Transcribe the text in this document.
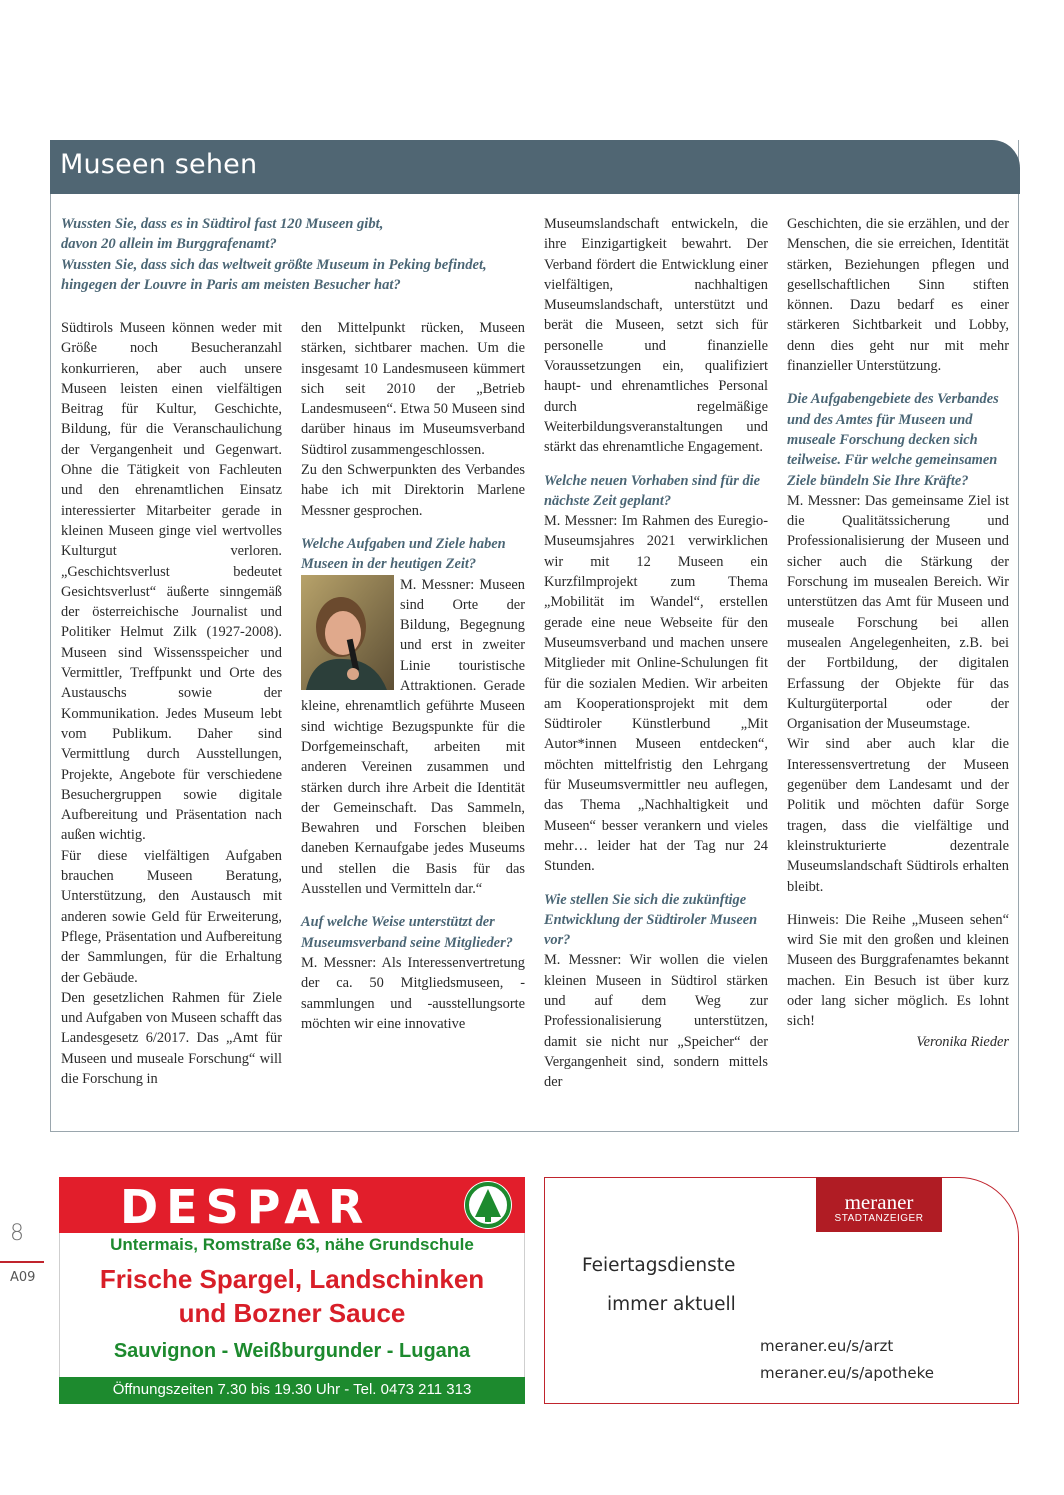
Museen sehen

Wussten Sie, dass es in Südtirol fast 120 Museen gibt,

davon 20 allein im Burggrafenamt?

Wussten Sie, dass sich das weltweit größte Museum in Peking befindet, hingegen der Louvre in Paris am meisten Besucher hat?

Südtirols Museen können weder mit Größe noch Besucheranzahl konkurrieren, aber auch unsere Museen leisten einen vielfältigen Beitrag für Kultur, Geschichte, Bildung, für die Veranschaulichung der Vergangenheit und Gegenwart. Ohne die Tätigkeit von Fachleuten und den ehrenamtlichen Einsatz interessierter Mitarbeiter gerade in kleinen Museen ginge viel wertvolles Kulturgut verloren. „Geschichtsverlust bedeutet Gesichtsverlust“ äußerte sinngemäß der österreichische Journalist und Politiker Helmut Zilk (1927-2008). Museen sind Wissensspeicher und Vermittler, Treffpunkt und Orte des Austauschs sowie der Kommunikation. Jedes Museum lebt vom Publikum. Daher sind Vermittlung durch Ausstellungen, Projekte, Angebote für verschiedene Besuchergruppen sowie digitale Aufbereitung und Präsentation nach außen wichtig.

Für diese vielfältigen Aufgaben brauchen Museen Beratung, Unterstützung, den Austausch mit anderen sowie Geld für Erweiterung, Pflege, Präsentation und Aufbereitung der Sammlungen, für die Erhaltung der Gebäude.

Den gesetzlichen Rahmen für Ziele und Aufgaben von Museen schafft das Landesgesetz 6/2017. Das „Amt für Museen und museale Forschung“ will die Forschung in

den Mittelpunkt rücken, Museen stärken, sichtbarer machen. Um die insgesamt 10 Landesmuseen kümmert sich seit 2010 der „Betrieb Landesmuseen“. Etwa 50 Museen sind darüber hinaus im Museumsverband Südtirol zusammengeschlossen.

Zu den Schwerpunkten des Verbandes habe ich mit Direktorin Marlene Messner gesprochen.

Welche Aufgaben und Ziele haben Museen in der heutigen Zeit?

M. Messner: Museen sind Orte der Bildung, Begegnung und erst in zweiter Linie touristische Attraktionen. Gerade kleine, ehrenamtlich geführte Museen sind wichtige Bezugspunkte für die Dorfgemeinschaft, arbeiten mit anderen Vereinen zusammen und stärken durch ihre Arbeit die Identität der Gemeinschaft. Das Sammeln, Bewahren und Forschen bleiben daneben Kernaufgabe jedes Museums und stellen die Basis für das Ausstellen und Vermitteln dar.“

Auf welche Weise unterstützt der Museumsverband seine Mitglieder?

M. Messner: Als Interessenvertretung der ca. 50 Mitgliedsmuseen, -sammlungen und -ausstellungsorte möchten wir eine innovative

Museumslandschaft entwickeln, die ihre Einzigartigkeit bewahrt. Der Verband fördert die Entwicklung einer vielfältigen, nachhaltigen Museumslandschaft, unterstützt und berät die Museen, setzt sich für personelle und finanzielle Voraussetzungen ein, qualifiziert haupt- und ehrenamtliches Personal durch regelmäßige Weiterbildungsveranstaltungen und stärkt das ehrenamtliche Engagement.

Welche neuen Vorhaben sind für die nächste Zeit geplant?

M. Messner: Im Rahmen des Euregio-Museumsjahres 2021 verwirklichen wir mit 12 Museen ein Kurzfilmprojekt zum Thema „Mobilität im Wandel“, erstellen gerade eine neue Webseite für den Museumsverband und machen unsere Mitglieder mit Online-Schulungen fit für die sozialen Medien. Wir arbeiten am Kooperationsprojekt mit dem Südtiroler Künstlerbund „Mit Autor*innen Museen entdecken“, möchten mittelfristig den Lehrgang für Museumsvermittler neu auflegen, das Thema „Nachhaltigkeit und Museen“ besser verankern und vieles mehr… leider hat der Tag nur 24 Stunden.

Wie stellen Sie sich die zukünftige Entwicklung der Südtiroler Museen vor?

M. Messner: Wir wollen die vielen kleinen Museen in Südtirol stärken und auf dem Weg zur Professionalisierung unterstützen, damit sie nicht nur „Speicher“ der Vergangenheit sind, sondern mittels der

Geschichten, die sie erzählen, und der Menschen, die sie erreichen, Identität stärken, Beziehungen pflegen und gesellschaftlichen Sinn stiften können. Dazu bedarf es einer stärkeren Sichtbarkeit und Lobby, denn dies geht nur mit mehr finanzieller Unterstützung.

Die Aufgabengebiete des Verbandes und des Amtes für Museen und museale Forschung decken sich teilweise. Für welche gemeinsamen Ziele bündeln Sie Ihre Kräfte?

M. Messner: Das gemeinsame Ziel ist die Qualitätssicherung und Professionalisierung der Museen und sicher auch die Stärkung der Forschung im musealen Bereich. Wir unterstützen das Amt für Museen und museale Forschung bei allen musealen Angelegenheiten, z.B. bei der Fortbildung, der digitalen Erfassung der Objekte für das Kulturgüterportal oder der Organisation der Museumstage.

Wir sind aber auch klar die Interessensvertretung der Museen gegenüber dem Landesamt und der Politik und möchten dafür Sorge tragen, dass die vielfältige und kleinstrukturierte dezentrale Museumslandschaft Südtirols erhalten bleibt.

Hinweis: Die Reihe „Museen sehen“ wird Sie mit den großen und kleinen Museen des Burggrafenamtes bekannt machen. Ein Besuch ist über kurz oder lang sicher möglich. Es lohnt sich!

Veronika Rieder

8
A09
DESPAR
Untermais, Romstraße 63, nähe Grundschule
Frische Spargel, Landschinken
und Bozner Sauce
Sauvignon - Weißburgunder - Lugana
Öffnungszeiten 7.30 bis 19.30 Uhr - Tel. 0473 211 313
meraner
STADTANZEIGER
Feiertagsdienste
immer aktuell
meraner.eu/s/arzt
meraner.eu/s/apotheke
